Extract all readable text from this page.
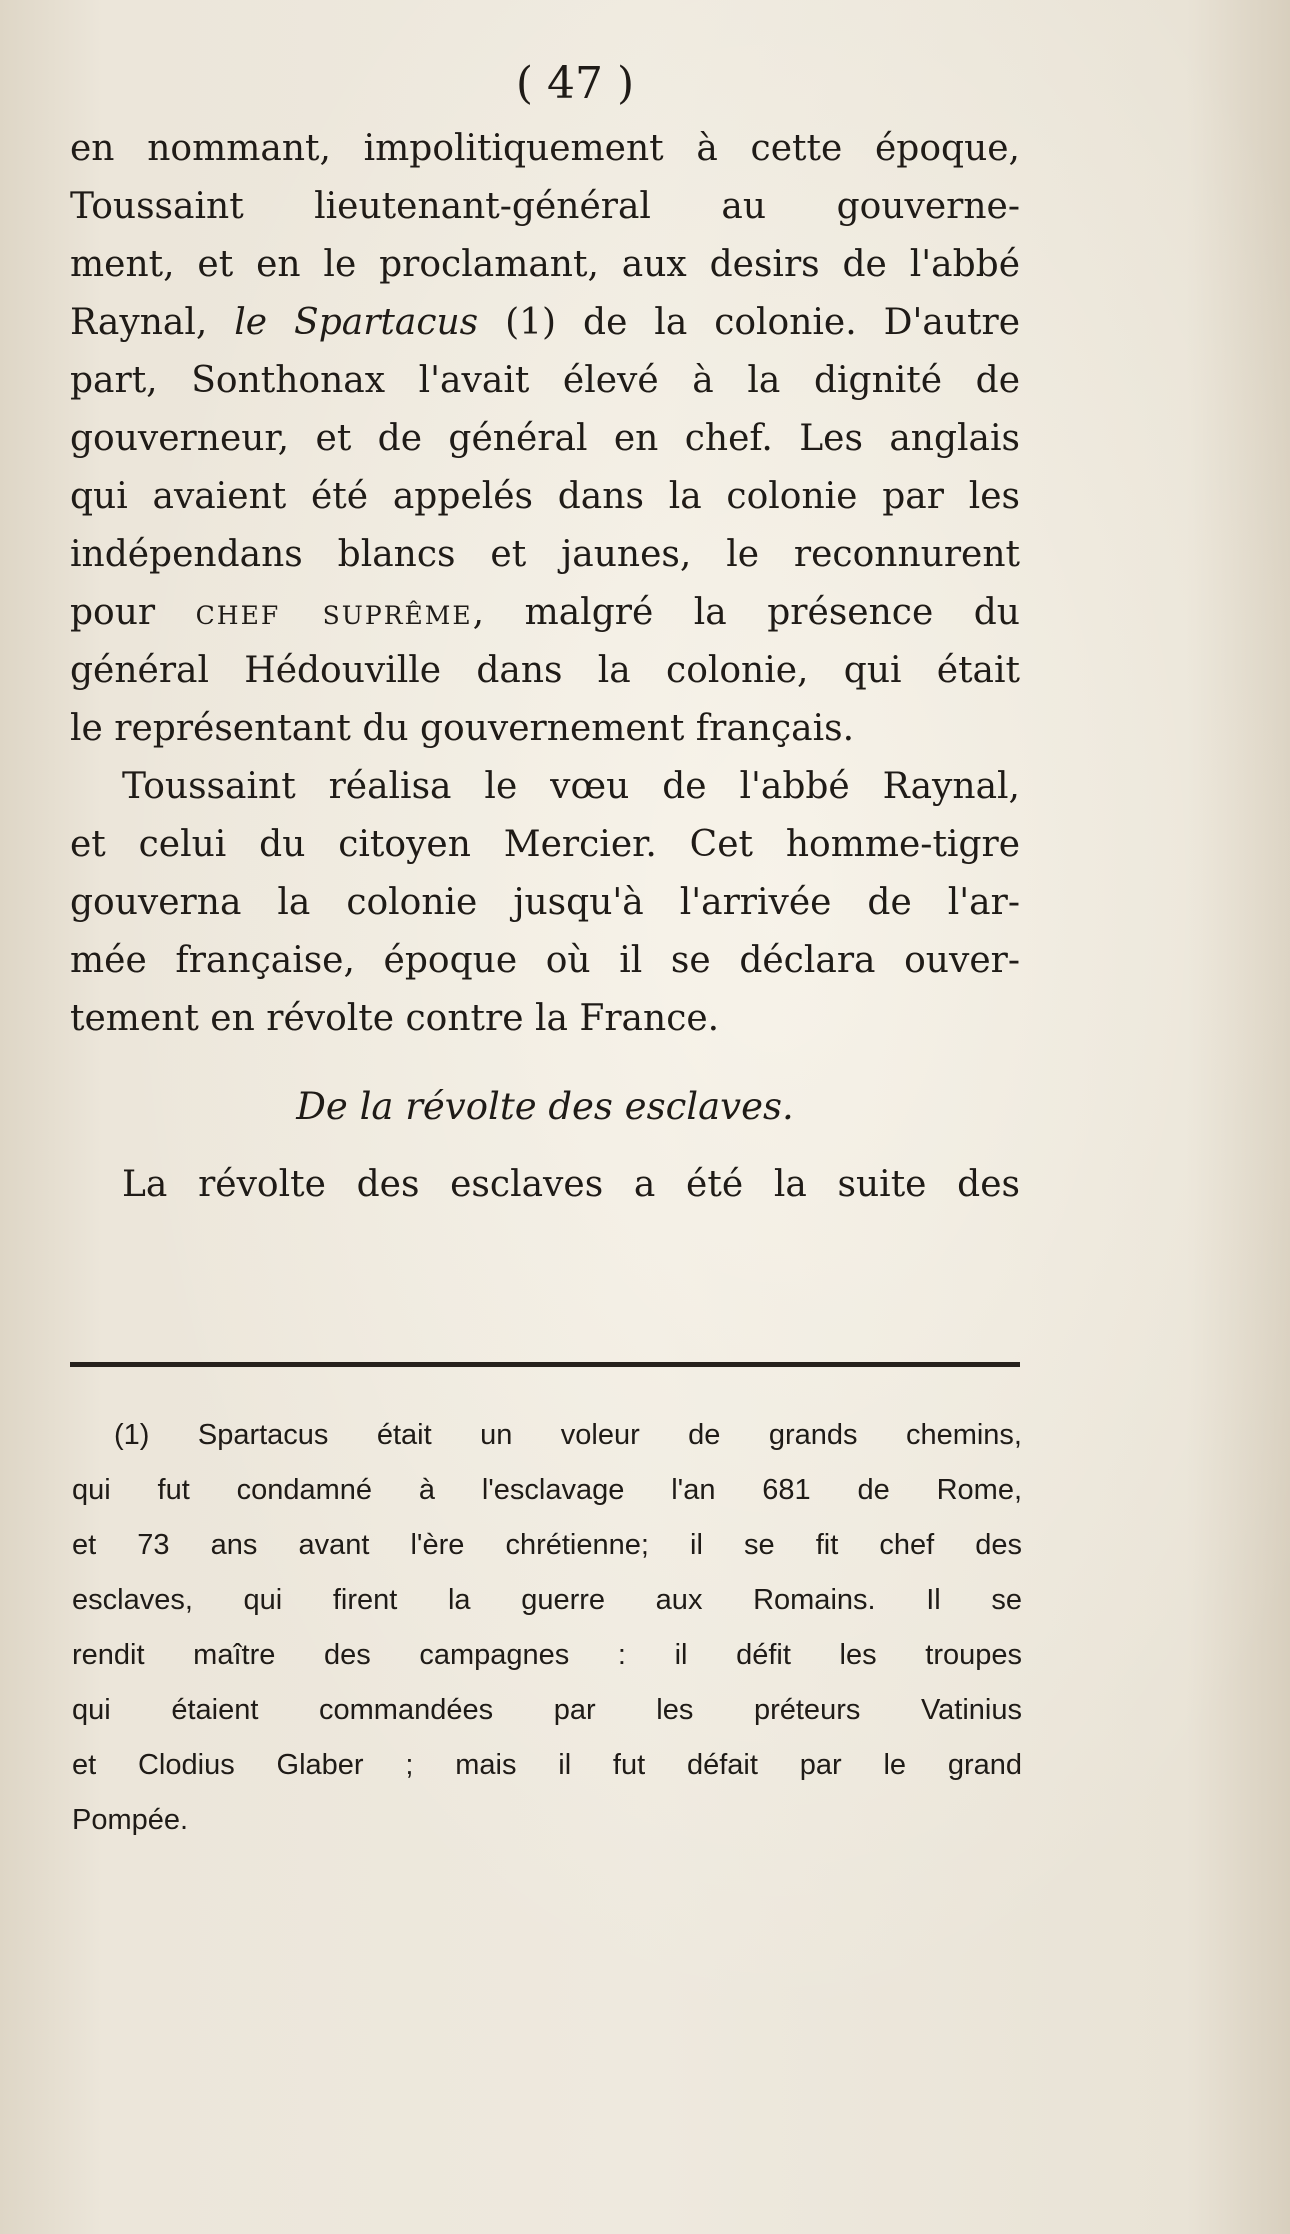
( 47 )
en nommant, impolitiquement à cette époque,
Toussaint lieutenant-général au gouverne-
ment, et en le proclamant, aux desirs de l'abbé
Raynal, le Spartacus (1) de la colonie. D'autre
part, Sonthonax l'avait élevé à la dignité de
gouverneur, et de général en chef. Les anglais
qui avaient été appelés dans la colonie par les
indépendans blancs et jaunes, le reconnurent
pour chef suprême, malgré la présence du
général Hédouville dans la colonie, qui était
le représentant du gouvernement français.
Toussaint réalisa le vœu de l'abbé Raynal,
et celui du citoyen Mercier. Cet homme-tigre
gouverna la colonie jusqu'à l'arrivée de l'ar-
mée française, époque où il se déclara ouver-
tement en révolte contre la France.
De la révolte des esclaves.
La révolte des esclaves a été la suite des
(1) Spartacus était un voleur de grands chemins,
qui fut condamné à l'esclavage l'an 681 de Rome,
et 73 ans avant l'ère chrétienne; il se fit chef des
esclaves, qui firent la guerre aux Romains. Il se
rendit maître des campagnes : il défit les troupes
qui étaient commandées par les préteurs Vatinius
et Clodius Glaber ; mais il fut défait par le grand
Pompée.
